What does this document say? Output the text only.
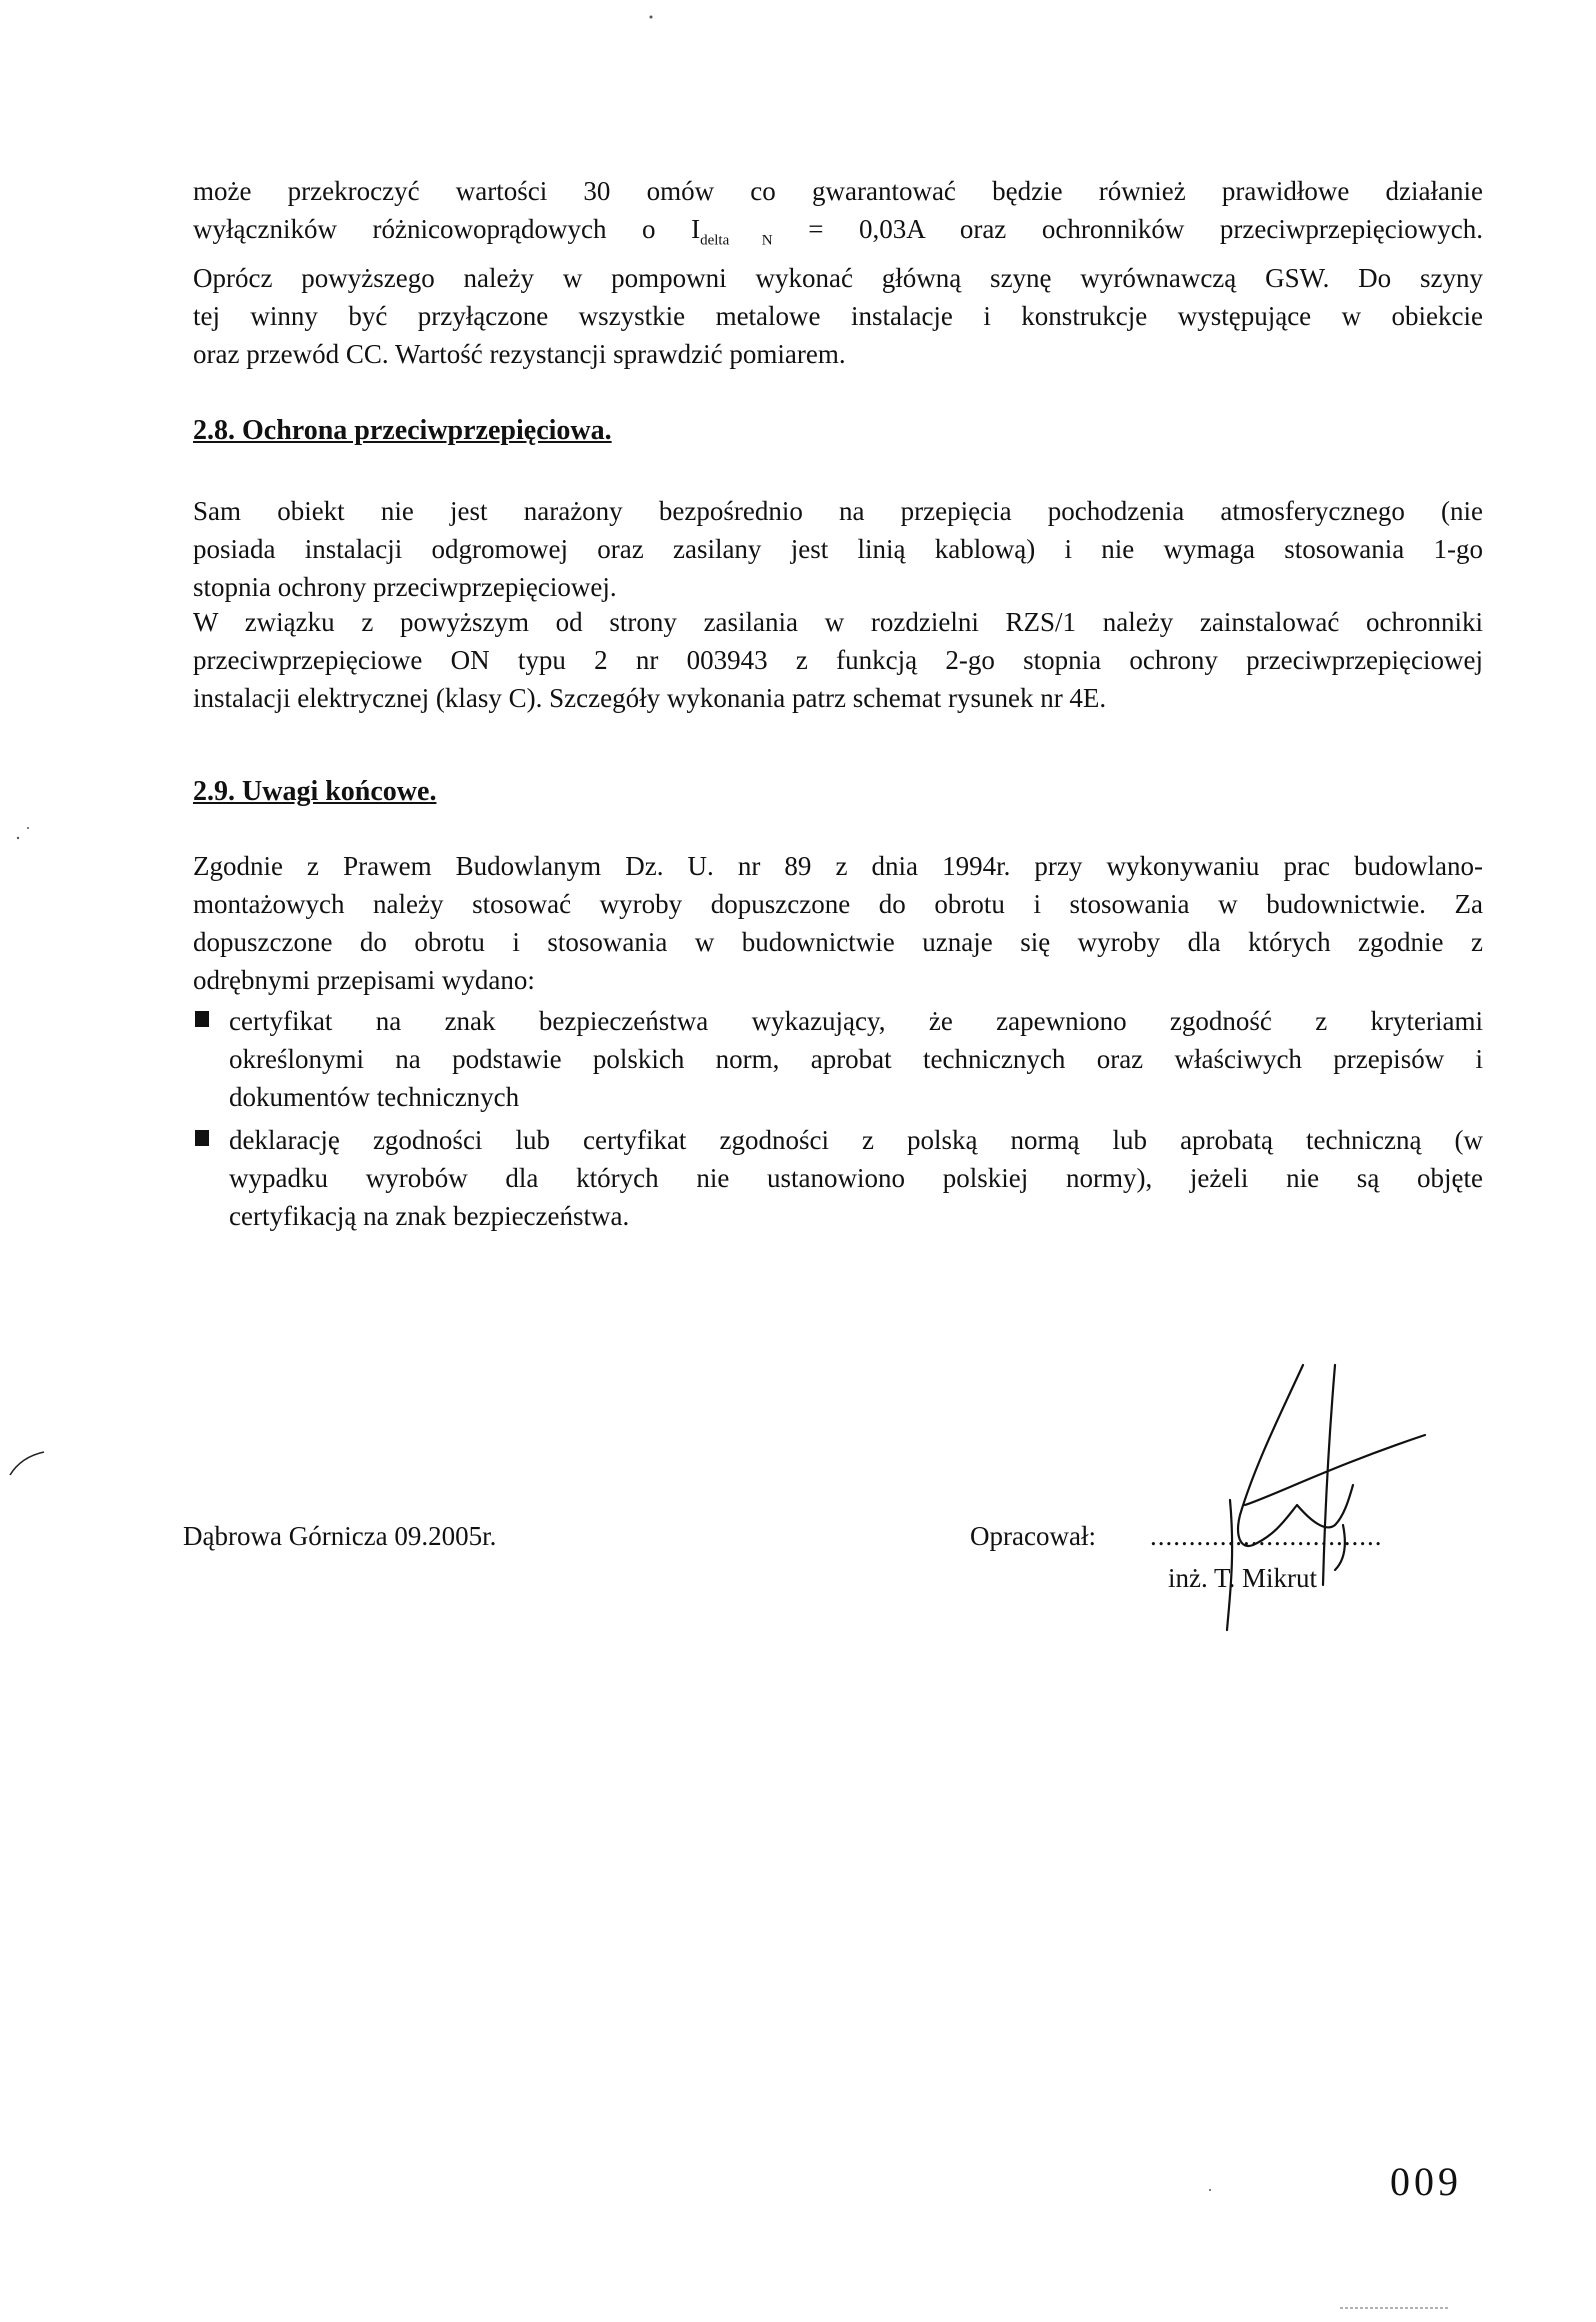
może przekroczyć wartości 30 omów co gwarantować będzie również prawidłowe działanie
wyłączników różnicowoprądowych o $I_{delta N} = 0,03A$ oraz ochronników przeciwprzepięciowych.
Oprócz powyższego należy w pompowni wykonać główną szynę wyrównawczą GSW. Do szyny
tej winny być przyłączone wszystkie metalowe instalacje i konstrukcje występujące w obiekcie
oraz przewód CC. Wartość rezystancji sprawdzić pomiarem.
2.8. Ochrona przeciwprzepięciowa.
Sam obiekt nie jest narażony bezpośrednio na przepięcia pochodzenia atmosferycznego (nie
posiada instalacji odgromowej oraz zasilany jest linią kablową) i nie wymaga stosowania 1-go
stopnia ochrony przeciwprzepięciowej.
W związku z powyższym od strony zasilania w rozdzielni RZS/1 należy zainstalować ochronniki
przeciwprzepięciowe ON typu 2 nr 003943 z funkcją 2-go stopnia ochrony przeciwprzepięciowej
instalacji elektrycznej (klasy C). Szczegóły wykonania patrz schemat rysunek nr 4E.
2.9. Uwagi końcowe.
Zgodnie z Prawem Budowlanym Dz. U. nr 89 z dnia 1994r. przy wykonywaniu prac budowlano-
montażowych należy stosować wyroby dopuszczone do obrotu i stosowania w budownictwie. Za
dopuszczone do obrotu i stosowania w budownictwie uznaje się wyroby dla których zgodnie z
odrębnymi przepisami wydano:
certyfikat na znak bezpieczeństwa wykazujący, że zapewniono zgodność z kryteriami
określonymi na podstawie polskich norm, aprobat technicznych oraz właściwych przepisów i
dokumentów technicznych
deklarację zgodności lub certyfikat zgodności z polską normą lub aprobatą techniczną (w
wypadku wyrobów dla których nie ustanowiono polskiej normy), jeżeli nie są objęte
certyfikacją na znak bezpieczeństwa.
Dąbrowa Górnicza 09.2005r.	Opracował: ..............................
inż. T. Mikrut
009
